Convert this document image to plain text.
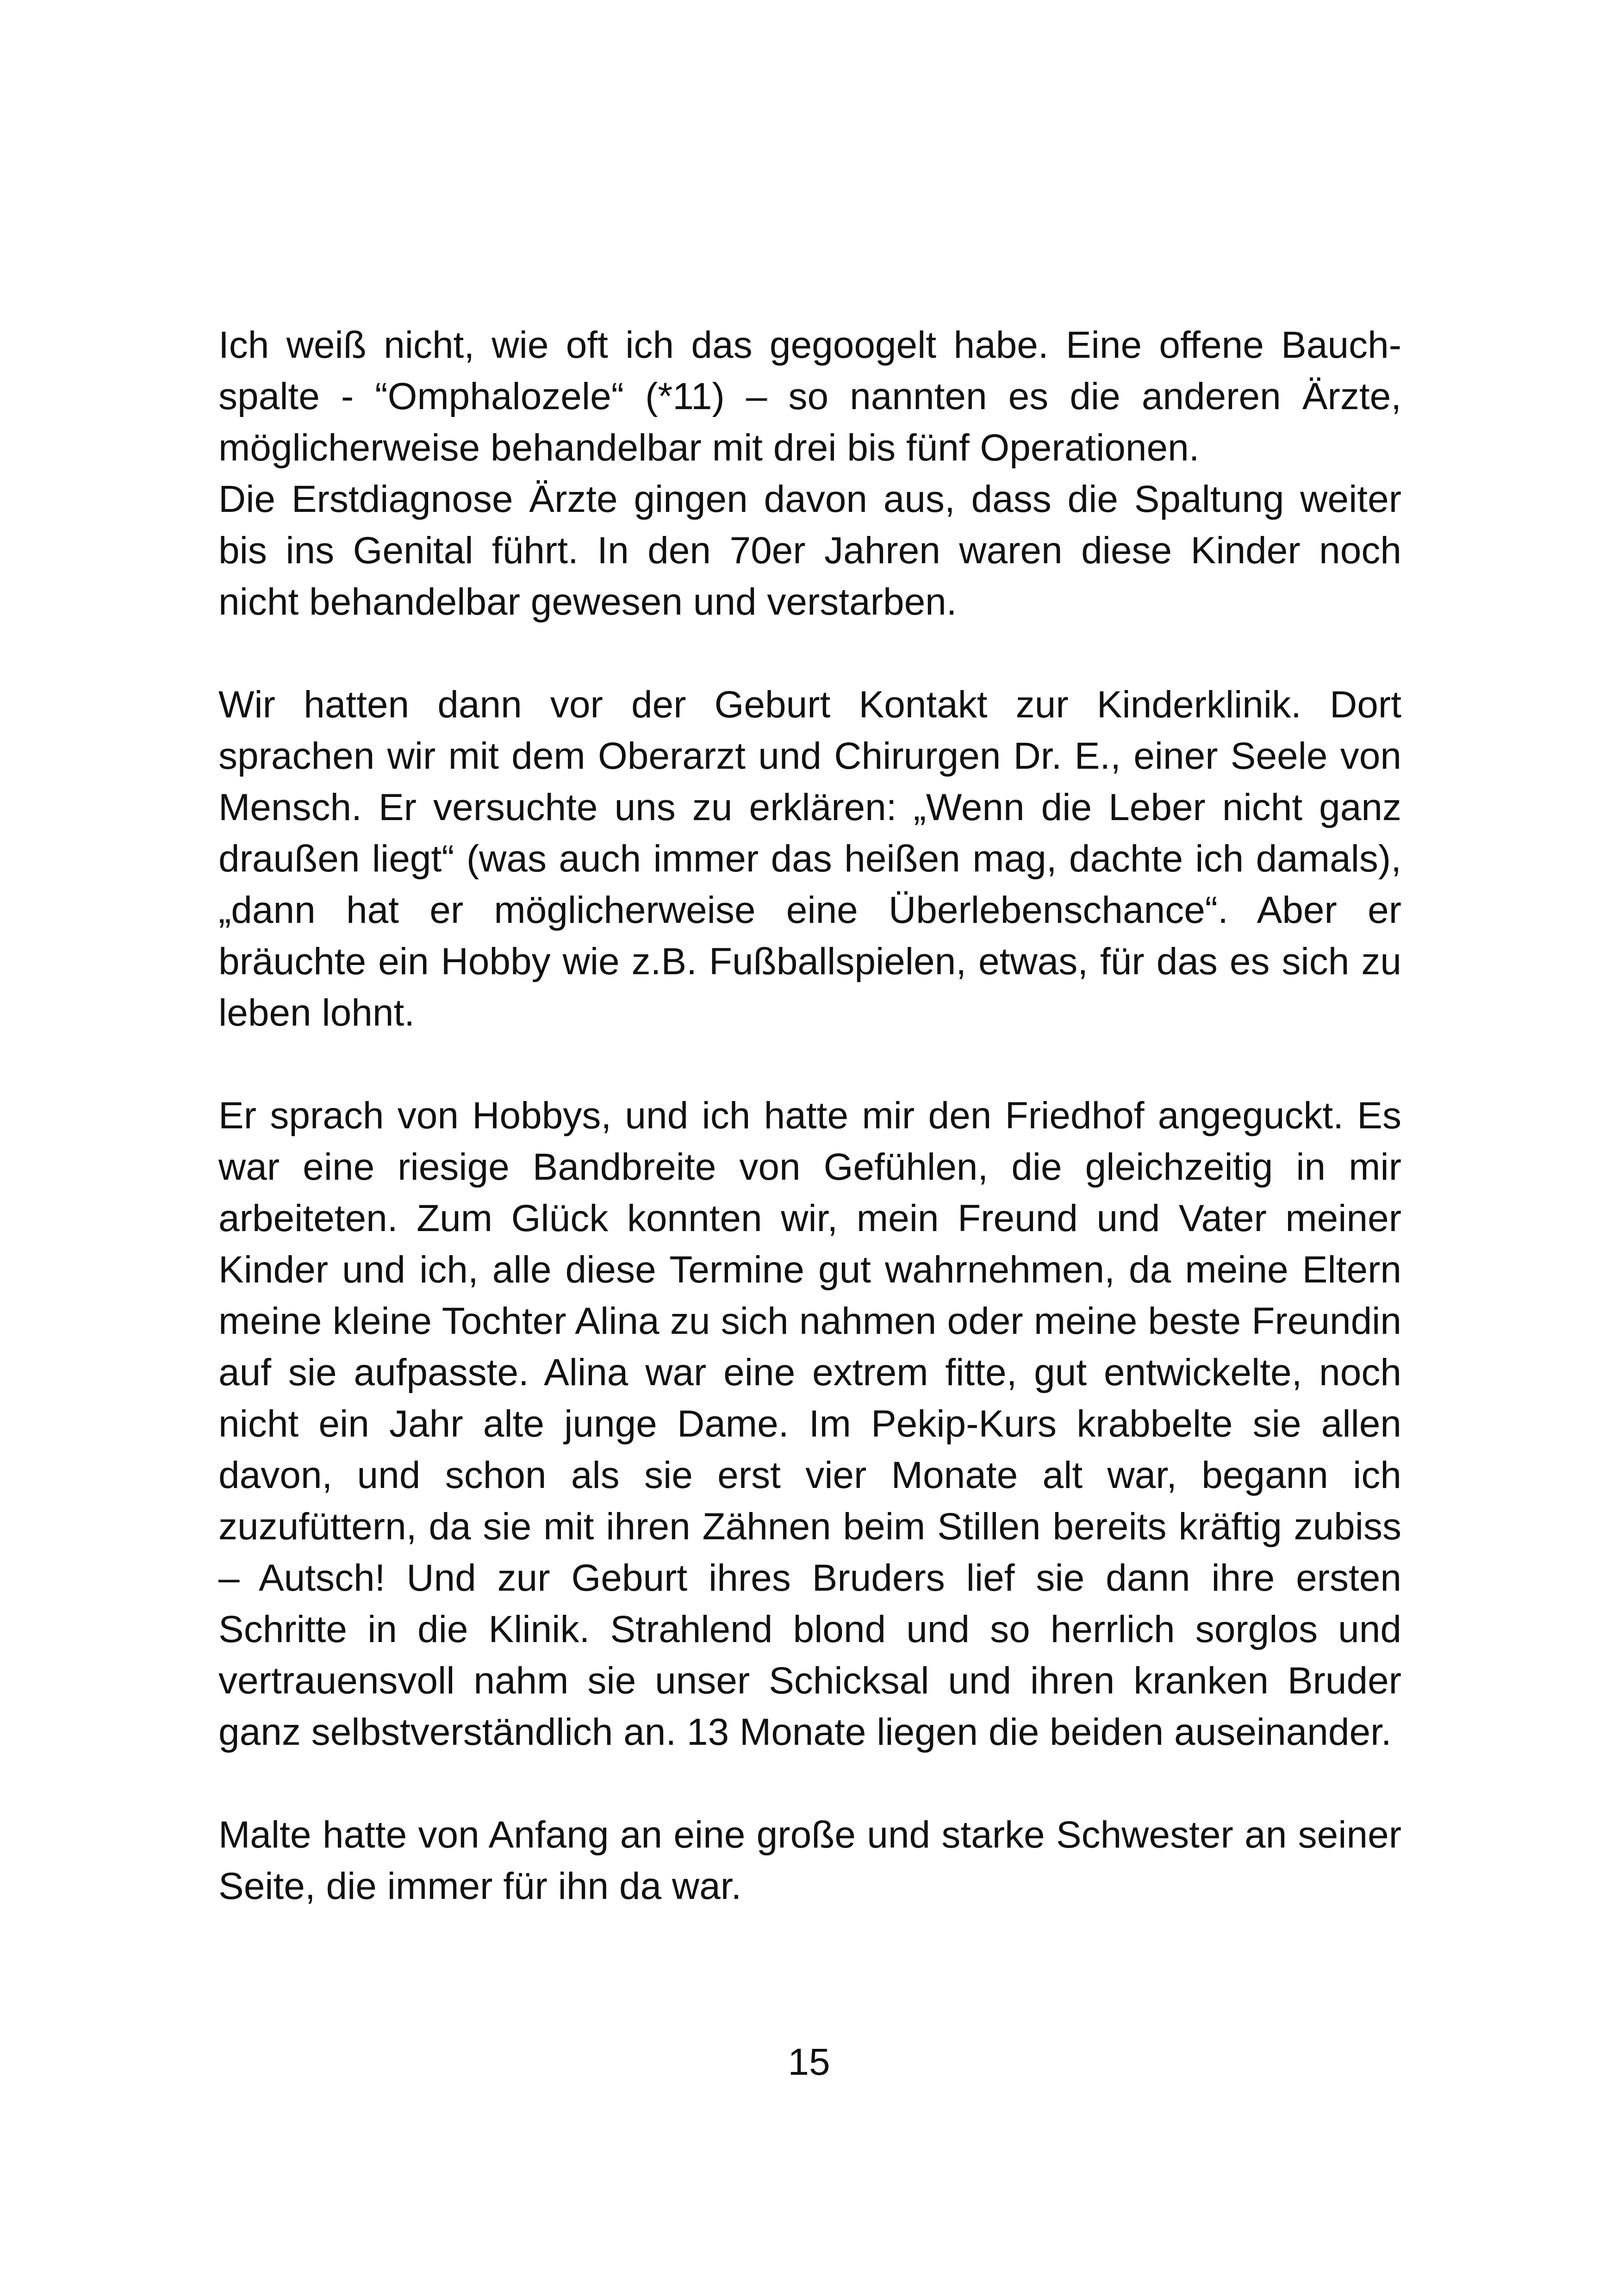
Ich weiß nicht, wie oft ich das gegoogelt habe. Eine offene Bauch-spalte - “Omphalozele“ (*11) – so nannten es die anderen Ärzte, möglicherweise behandelbar mit drei bis fünf Operationen.

Die Erstdiagnose Ärzte gingen davon aus, dass die Spaltung weiter bis ins Genital führt. In den 70er Jahren waren diese Kinder noch nicht behandelbar gewesen und verstarben.

Wir hatten dann vor der Geburt Kontakt zur Kinderklinik. Dort sprachen wir mit dem Oberarzt und Chirurgen Dr. E., einer Seele von Mensch. Er versuchte uns zu erklären: „Wenn die Leber nicht ganz draußen liegt“ (was auch immer das heißen mag, dachte ich damals), „dann hat er möglicherweise eine Überlebenschance“. Aber er bräuchte ein Hobby wie z.B. Fußballspielen, etwas, für das es sich zu leben lohnt.

Er sprach von Hobbys, und ich hatte mir den Friedhof angeguckt. Es war eine riesige Bandbreite von Gefühlen, die gleichzeitig in mir arbeiteten. Zum Glück konnten wir, mein Freund und Vater meiner Kinder und ich, alle diese Termine gut wahrnehmen, da meine Eltern meine kleine Tochter Alina zu sich nahmen oder meine beste Freundin auf sie aufpasste. Alina war eine extrem fitte, gut entwickelte, noch nicht ein Jahr alte junge Dame. Im Pekip-Kurs krabbelte sie allen davon, und schon als sie erst vier Monate alt war, begann ich zuzufüttern, da sie mit ihren Zähnen beim Stillen bereits kräftig zubiss – Autsch! Und zur Geburt ihres Bruders lief sie dann ihre ersten Schritte in die Klinik. Strahlend blond und so herrlich sorglos und vertrauensvoll nahm sie unser Schicksal und ihren kranken Bruder ganz selbstverständlich an. 13 Monate liegen die beiden auseinander.

Malte hatte von Anfang an eine große und starke Schwester an seiner Seite, die immer für ihn da war.

15
